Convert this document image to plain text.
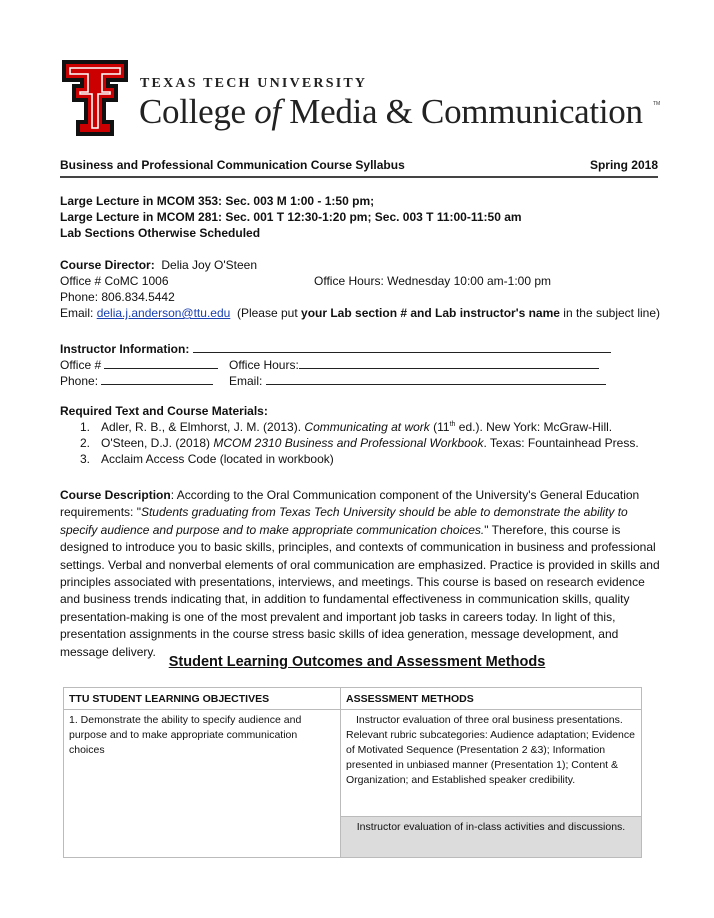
TEXAS TECH UNIVERSITY
College of Media & Communication TM
Business and Professional Communication Course Syllabus	Spring 2018
Large Lecture in MCOM 353: Sec. 003 M 1:00 - 1:50 pm;
Large Lecture in MCOM 281: Sec. 001 T 12:30-1:20 pm; Sec. 003 T 11:00-11:50 am
Lab Sections Otherwise Scheduled
Course Director: Delia Joy O'Steen
Office # CoMC 1006	Office Hours: Wednesday 10:00 am-1:00 pm
Phone: 806.834.5442
Email: delia.j.anderson@ttu.edu (Please put your Lab section # and Lab instructor's name in the subject line)
Instructor Information:
Office #	Office Hours:
Phone:	Email:
Required Text and Course Materials:
1. Adler, R. B., & Elmhorst, J. M. (2013). Communicating at work (11th ed.). New York: McGraw-Hill.
2. O'Steen, D.J. (2018) MCOM 2310 Business and Professional Workbook. Texas: Fountainhead Press.
3. Acclaim Access Code (located in workbook)
Course Description: According to the Oral Communication component of the University's General Education requirements: "Students graduating from Texas Tech University should be able to demonstrate the ability to specify audience and purpose and to make appropriate communication choices." Therefore, this course is designed to introduce you to basic skills, principles, and contexts of communication in business and professional settings. Verbal and nonverbal elements of oral communication are emphasized. Practice is provided in skills and principles associated with presentations, interviews, and meetings. This course is based on research evidence and business trends indicating that, in addition to fundamental effectiveness in communication skills, quality presentation-making is one of the most prevalent and important job tasks in careers today. In light of this, presentation assignments in the course stress basic skills of idea generation, message development, and message delivery.
Student Learning Outcomes and Assessment Methods
TTU STUDENT LEARNING OBJECTIVES	ASSESSMENT METHODS
1. Demonstrate the ability to specify audience and purpose and to make appropriate communication choices	Instructor evaluation of three oral business presentations. Relevant rubric subcategories: Audience adaptation; Evidence of Motivated Sequence (Presentation 2 &3); Information presented in unbiased manner (Presentation 1); Content & Organization; and Established speaker credibility.
	Instructor evaluation of in-class activities and discussions.
